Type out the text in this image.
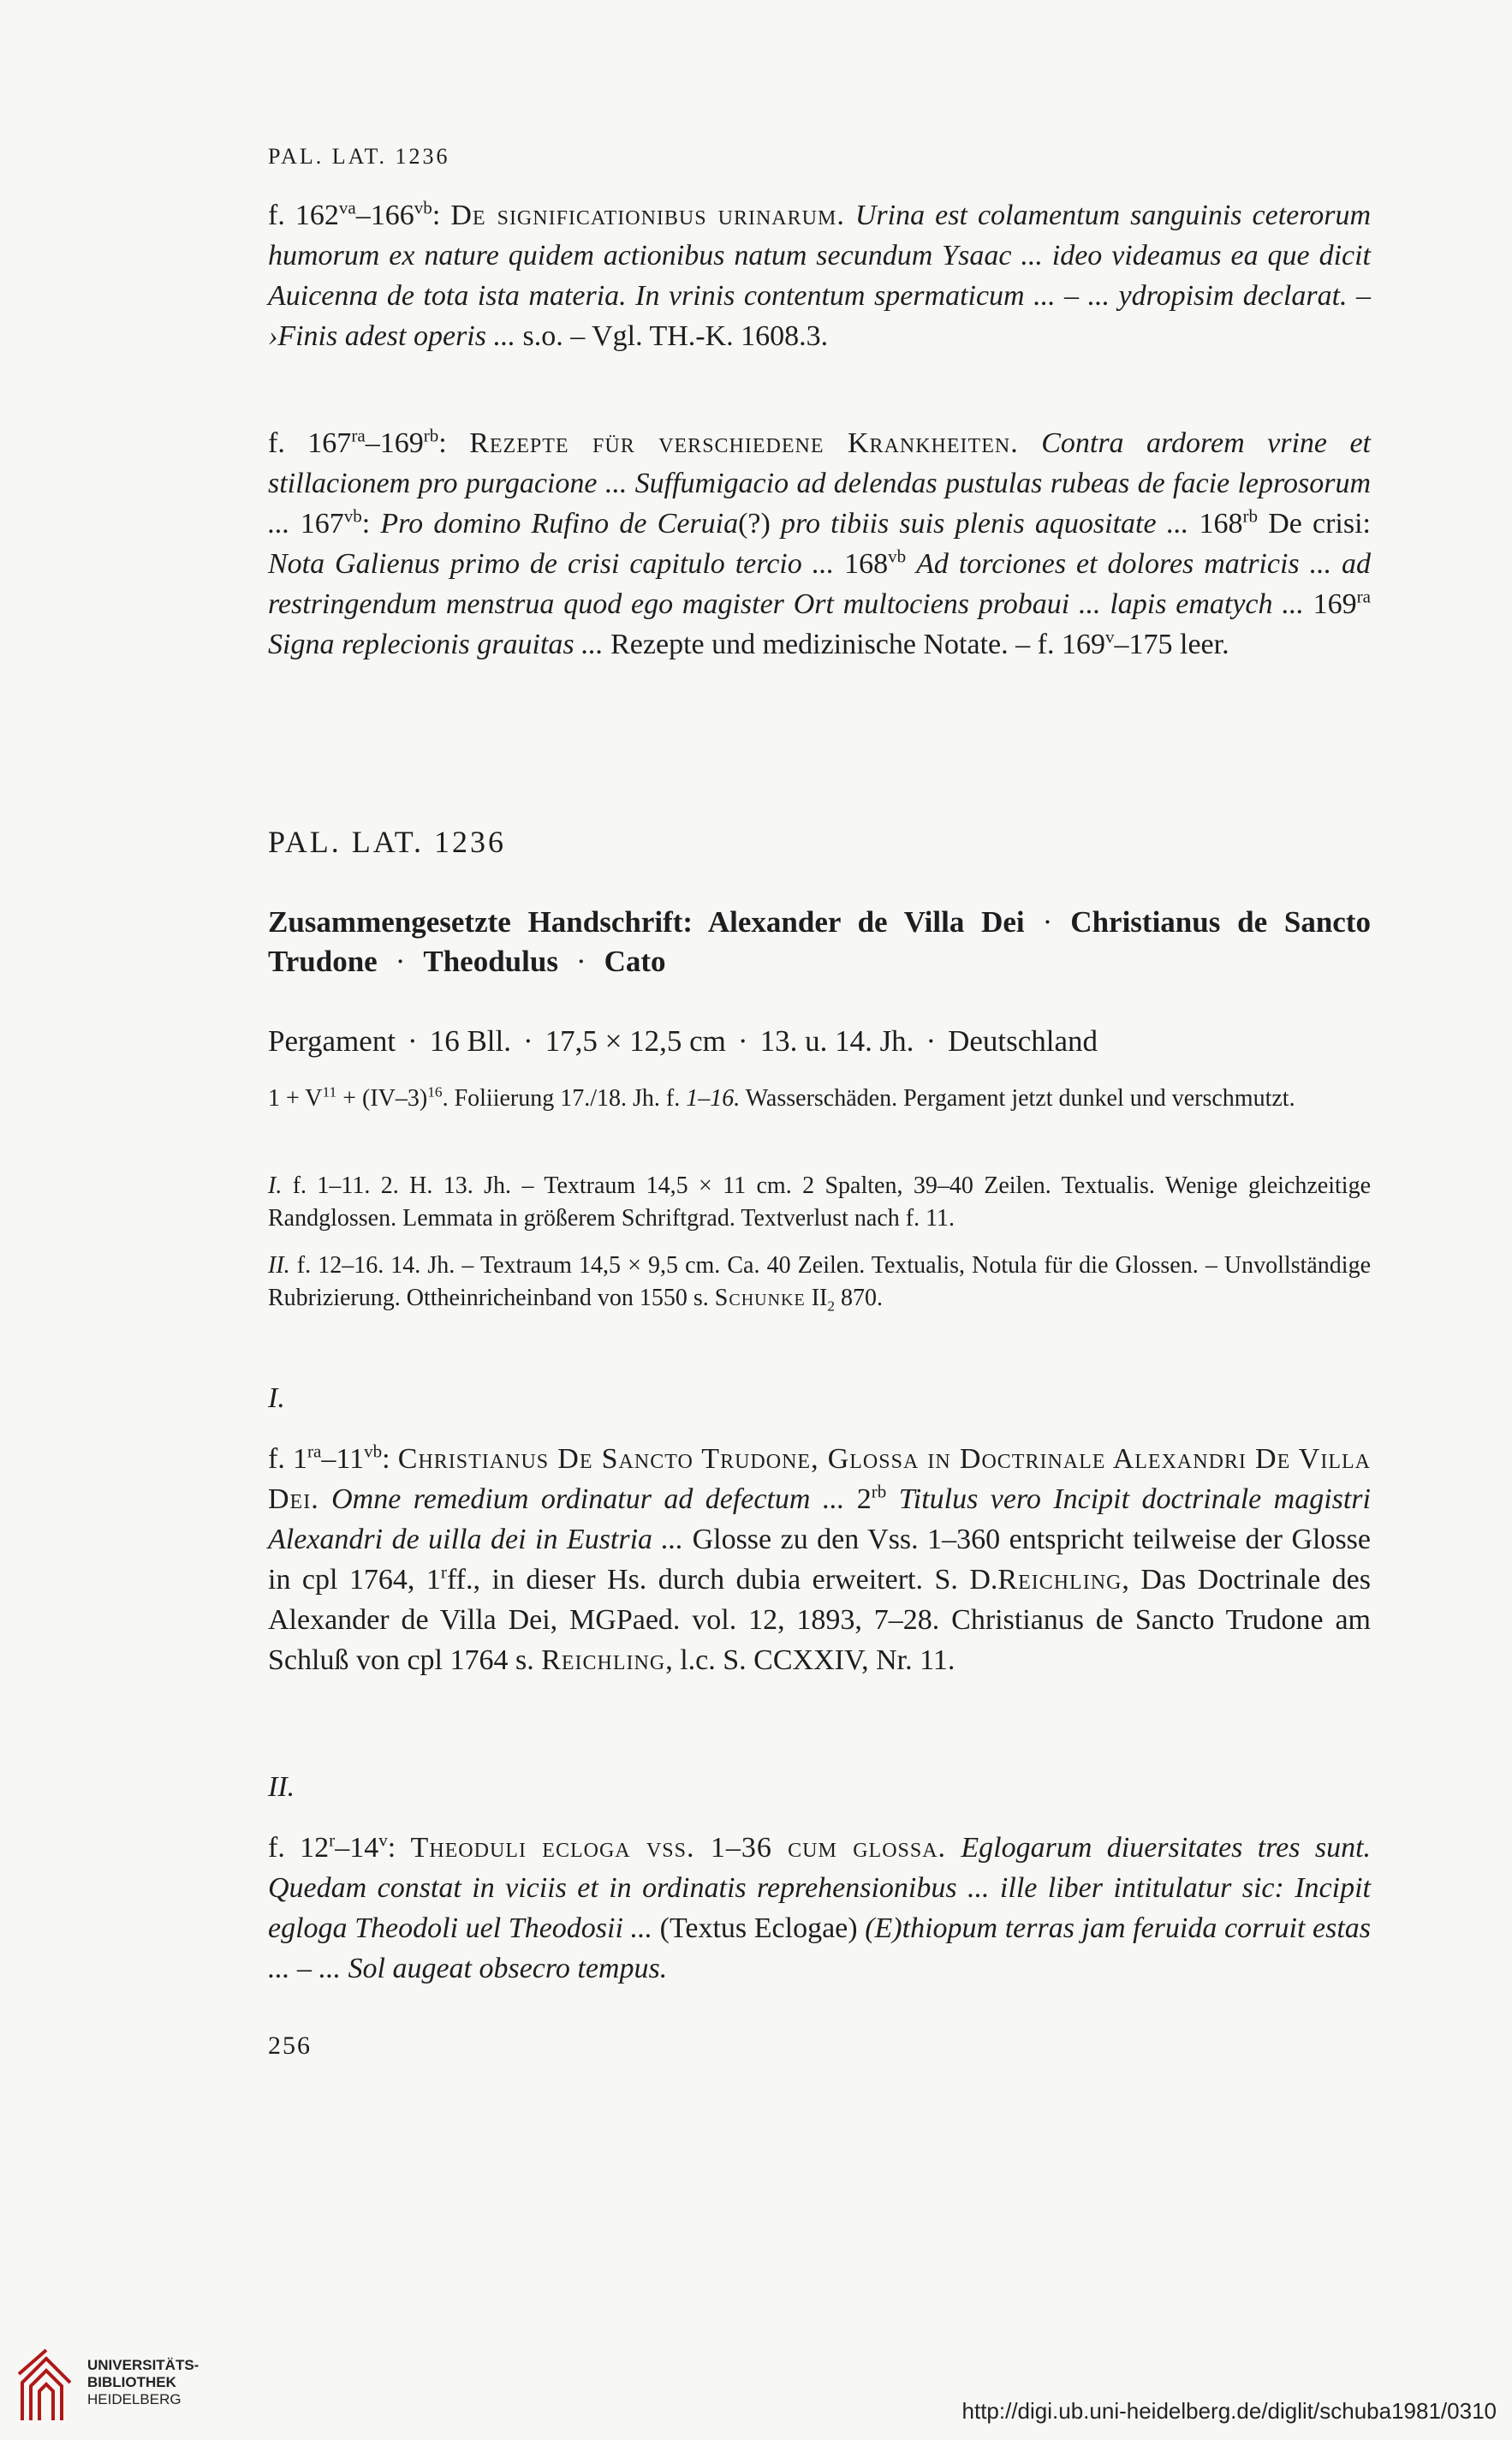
PAL. LAT. 1236

f. $162^{va}-166^{vb}$: De significationibus urinarum. Urina est colamentum sanguinis ceterorum humorum ex nature quidem actionibus natum secundum Ysaac ... ideo videamus ea que dicit Auicenna de tota ista materia. In vrinis contentum spermaticum ... – ... ydropisim declarat. – ›Finis adest operis ... s.o. – Vgl. TH.-K. 1608.3.

f. $167^{ra}-169^{rb}$: Rezepte für verschiedene Krankheiten. Contra ardorem vrine et stillacionem pro purgacione ... Suffumigacio ad delendas pustulas rubeas de facie leprosorum ... $167^{vb}$: Pro domino Rufino de Ceruia(?) pro tibiis suis plenis aquositate ... $168^{rb}$ De crisi: Nota Galienus primo de crisi capitulo tercio ... $168^{vb}$ Ad torciones et dolores matricis ... ad restringendum menstrua quod ego magister Ort multociens probaui ... lapis ematych ... $169^{ra}$ Signa replecionis grauitas ... Rezepte und medizinische Notate. – f. 169$^v$–175 leer.

PAL. LAT. 1236

Zusammengesetzte Handschrift: Alexander de Villa Dei · Christianus de Sancto Trudone · Theodulus · Cato

Pergament · 16 Bll. · 17,5 × 12,5 cm · 13. u. 14. Jh. · Deutschland

$1 + V^{11} + (IV-3)^{16}$. Foliierung 17./18. Jh. f. 1–16. Wasserschäden. Pergament jetzt dunkel und verschmutzt.

I. f. 1–11. 2. H. 13. Jh. – Textraum 14,5 × 11 cm. 2 Spalten, 39–40 Zeilen. Textualis. Wenige gleichzeitige Randglossen. Lemmata in größerem Schriftgrad. Textverlust nach f. 11.

II. f. 12–16. 14. Jh. – Textraum 14,5 × 9,5 cm. Ca. 40 Zeilen. Textualis, Notula für die Glossen. – Unvollständige Rubrizierung. Ottheinricheinband von 1550 s. Schunke $II_2$ 870.

I.

f. $1^{ra}-11^{vb}$: Christianus De Sancto Trudone, Glossa in Doctrinale Alexandri De Villa Dei. Omne remedium ordinatur ad defectum ... $2^{rb}$ Titulus vero Incipit doctrinale magistri Alexandri de uilla dei in Eustria ... Glosse zu den Vss. 1–360 entspricht teilweise der Glosse in cpl 1764, 1$^r$ff., in dieser Hs. durch dubia erweitert. S. D.Reichling, Das Doctrinale des Alexander de Villa Dei, MGPaed. vol. 12, 1893, 7–28. Christianus de Sancto Trudone am Schluß von cpl 1764 s. Reichling, l.c. S. CCXXIV, Nr. 11.

II.

f. 12$^r$–14$^v$: Theoduli ecloga vss. 1–36 cum glossa. Eglogarum diuersitates tres sunt. Quedam constat in viciis et in ordinatis reprehensionibus ... ille liber intitulatur sic: Incipit egloga Theodoli uel Theodosii ... (Textus Eclogae) (E)thiopum terras jam feruida corruit estas ... – ... Sol augeat obsecro tempus.

256
UNIVERSITÄTS-
BIBLIOTHEK
HEIDELBERG	http://digi.ub.uni-heidelberg.de/diglit/schuba1981/0310
